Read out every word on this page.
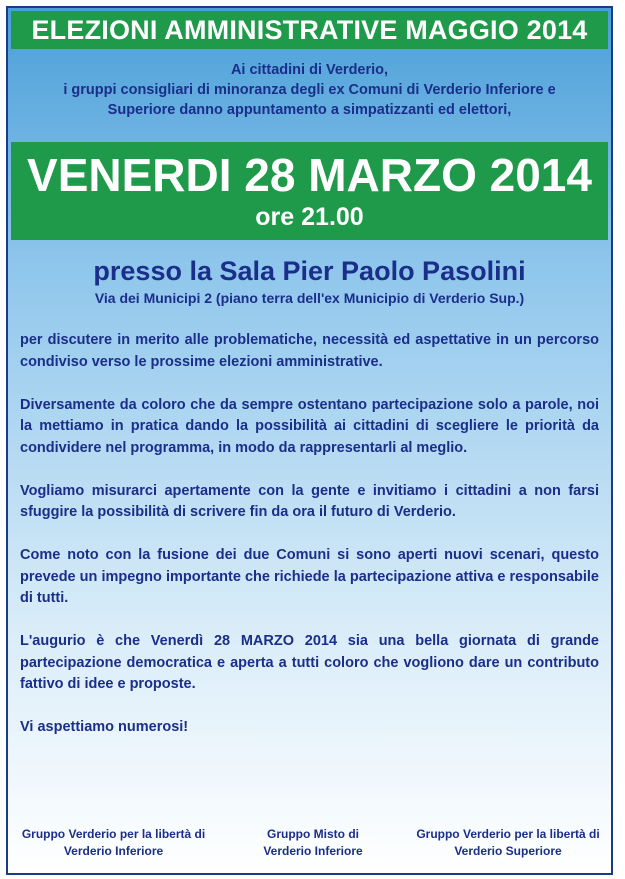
ELEZIONI AMMINISTRATIVE MAGGIO 2014
Ai cittadini di Verderio,
i gruppi consigliari di minoranza degli ex Comuni di Verderio Inferiore e
Superiore danno appuntamento a simpatizzanti ed elettori,
VENERDI 28 MARZO 2014
ore 21.00
presso la Sala Pier Paolo Pasolini
Via dei Municipi 2 (piano terra dell'ex Municipio di Verderio Sup.)

per discutere in merito alle problematiche, necessità ed aspettative in un percorso condiviso verso le prossime elezioni amministrative.

Diversamente da coloro che da sempre ostentano partecipazione solo a parole, noi la mettiamo in pratica dando la possibilità ai cittadini di scegliere le priorità da condividere nel programma, in modo da rappresentarli al meglio.

Vogliamo misurarci apertamente con la gente e invitiamo i cittadini a non farsi sfuggire la possibilità di scrivere fin da ora il futuro di Verderio.

Come noto con la fusione dei due Comuni si sono aperti nuovi scenari, questo prevede un impegno importante che richiede la partecipazione attiva e responsabile di tutti.

L'augurio è che Venerdì 28 MARZO 2014 sia una bella giornata di grande partecipazione democratica e aperta a tutti coloro che vogliono dare un contributo fattivo di idee e proposte.

Vi aspettiamo numerosi!

Gruppo Verderio per la libertà di
Verderio Inferiore
Gruppo Misto di
Verderio Inferiore
Gruppo Verderio per la libertà di
Verderio Superiore
